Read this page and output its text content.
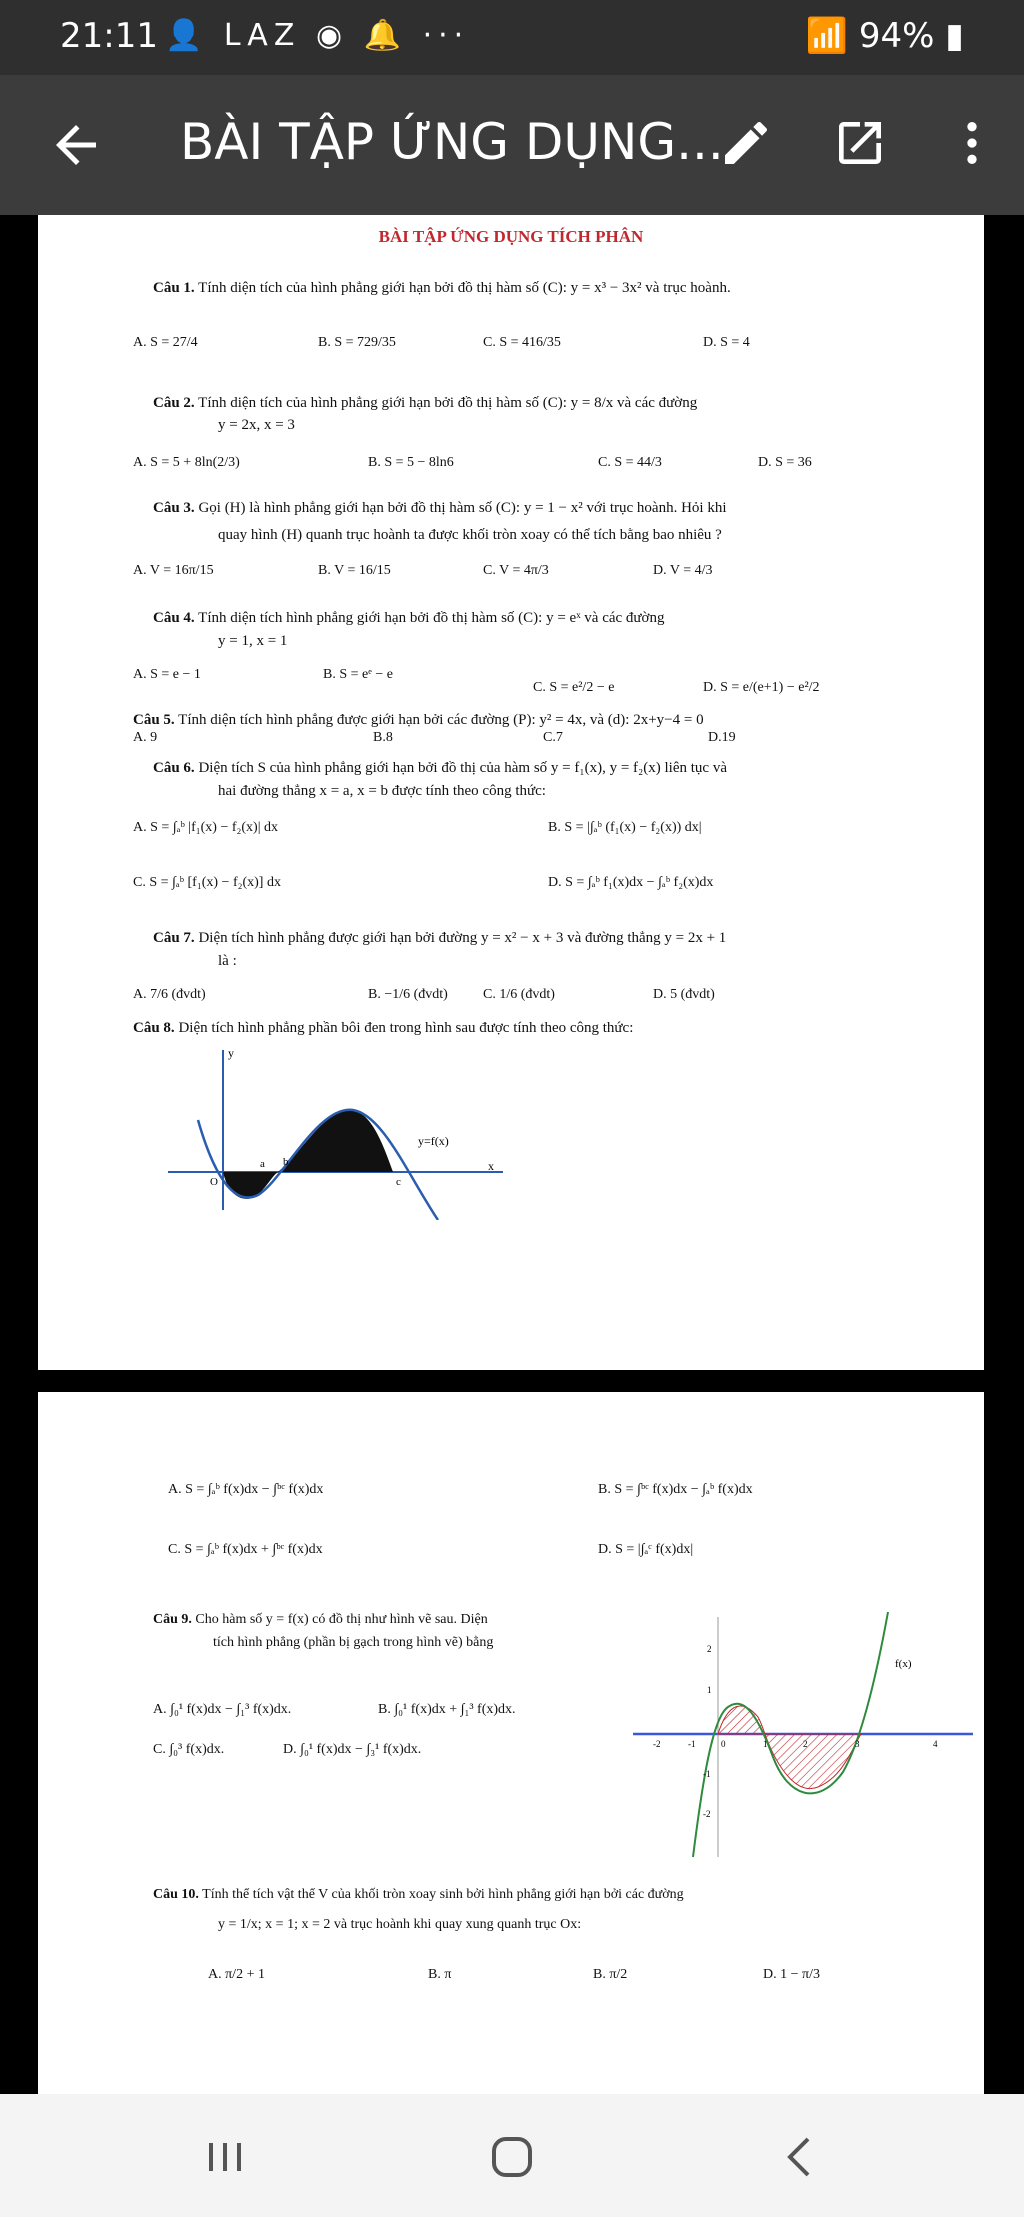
21:11 👤 LAZ ◉ 🔔 ···	📶 94% ▮
BÀI TẬP ỨNG DỤNG...
BÀI TẬP ỨNG DỤNG TÍCH PHÂN
Câu 1. Tính diện tích của hình phẳng giới hạn bởi đồ thị hàm số (C): y = x³ − 3x² và trục hoành.
A. S = 27/4	B. S = 729/35	C. S = 416/35	D. S = 4
Câu 2. Tính diện tích của hình phẳng giới hạn bởi đồ thị hàm số (C): y = 8/x và các đường
y = 2x, x = 3
A. S = 5 + 8ln(2/3)	B. S = 5 − 8ln6	C. S = 44/3	D. S = 36
Câu 3. Gọi (H) là hình phẳng giới hạn bởi đồ thị hàm số (C): y = 1 − x² với trục hoành. Hỏi khi
quay hình (H) quanh trục hoành ta được khối tròn xoay có thể tích bằng bao nhiêu ?
A. V = 16π/15	B. V = 16/15	C. V = 4π/3	D. V = 4/3
Câu 4. Tính diện tích hình phẳng giới hạn bởi đồ thị hàm số (C): y = eˣ và các đường
y = 1, x = 1
A. S = e − 1	B. S = eᵉ − e
C. S = e²/2 − e	D. S = e/(e+1) − e²/2
Câu 5. Tính diện tích hình phẳng được giới hạn bởi các đường (P): y² = 4x, và (d): 2x+y−4 = 0
A. 9	B.8	C.7	D.19
Câu 6. Diện tích S của hình phẳng giới hạn bởi đồ thị của hàm số y = f₁(x), y = f₂(x) liên tục và
hai đường thẳng x = a, x = b được tính theo công thức:
A. S = ∫ₐᵇ |f₁(x) − f₂(x)| dx	B. S = |∫ₐᵇ (f₁(x) − f₂(x)) dx|
C. S = ∫ₐᵇ [f₁(x) − f₂(x)] dx	D. S = ∫ₐᵇ f₁(x)dx − ∫ₐᵇ f₂(x)dx
Câu 7. Diện tích hình phẳng được giới hạn bởi đường y = x² − x + 3 và đường thẳng y = 2x + 1
là :
A. 7/6 (đvdt)	B. −1/6 (đvdt)	C. 1/6 (đvdt)	D. 5 (đvdt)
Câu 8. Diện tích hình phẳng phần bôi đen trong hình sau được tính theo công thức:
y
x
O
a b
c
y=f(x)
A. S = ∫ₐᵇ f(x)dx − ∫ᵇᶜ f(x)dx	B. S = ∫ᵇᶜ f(x)dx − ∫ₐᵇ f(x)dx
C. S = ∫ₐᵇ f(x)dx + ∫ᵇᶜ f(x)dx	D. S = |∫ₐᶜ f(x)dx|
Câu 9. Cho hàm số y = f(x) có đồ thị như hình vẽ sau. Diện
tích hình phẳng (phần bị gạch trong hình vẽ) bằng
A. ∫₀¹ f(x)dx − ∫₁³ f(x)dx.	B. ∫₀¹ f(x)dx + ∫₁³ f(x)dx.
C. ∫₀³ f(x)dx.	D. ∫₀¹ f(x)dx − ∫₃¹ f(x)dx.
f(x)
-2	-1	0	1	2	3	4
2
1
-1
-2
Câu 10. Tính thể tích vật thể V của khối tròn xoay sinh bởi hình phẳng giới hạn bởi các đường
y = 1/x; x = 1; x = 2 và trục hoành khi quay xung quanh trục Ox:
A. π/2 + 1	B. π	B. π/2	D. 1 − π/3
